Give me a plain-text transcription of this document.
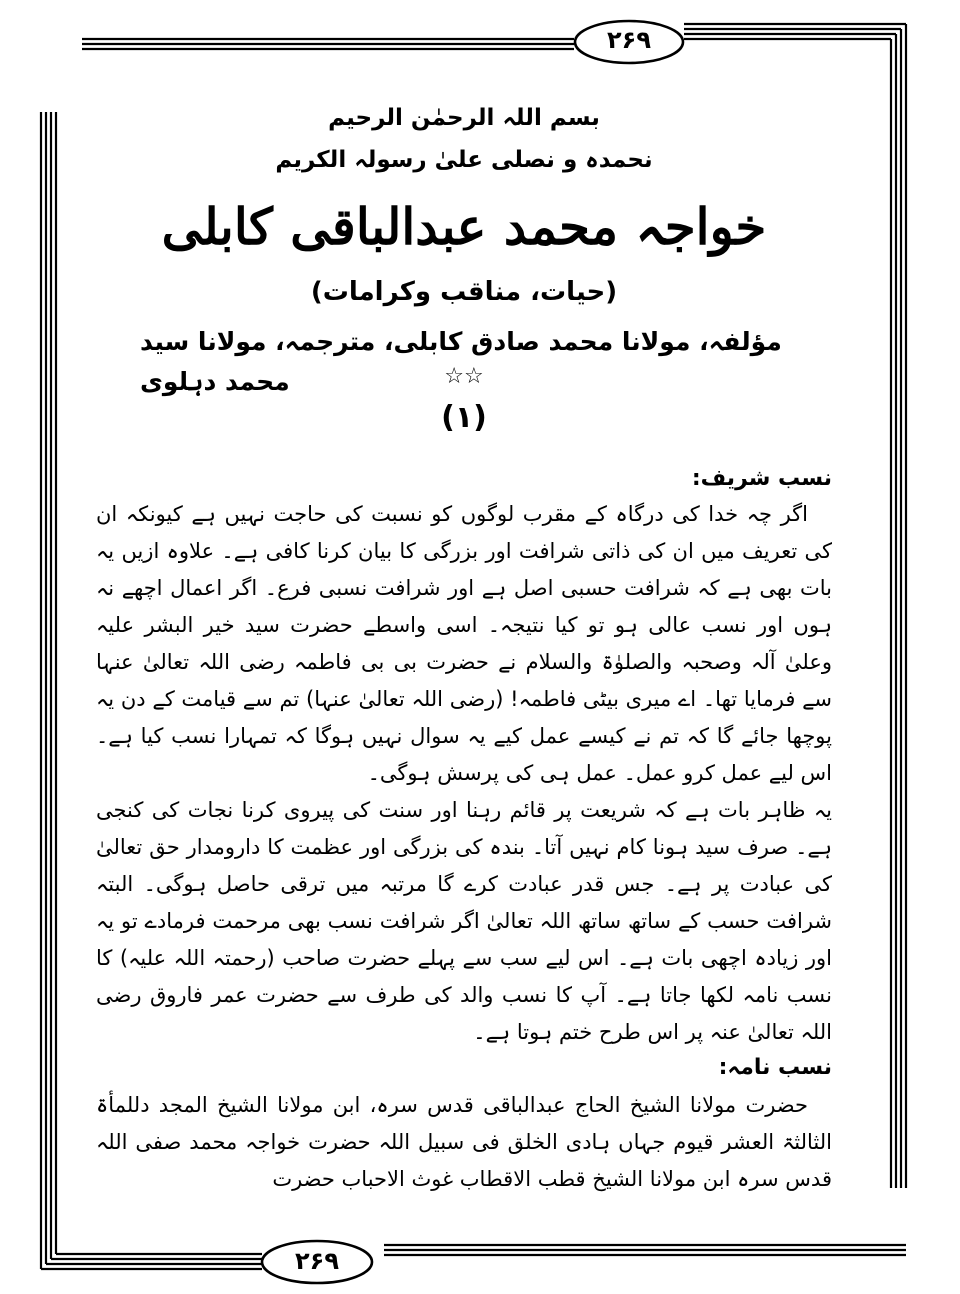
۲۶۹
۲۶۹

بسم اللہ الرحمٰن الرحیم

نحمدہ و نصلی علیٰ رسولہ الکریم

خواجہ محمد عبدالباقی کابلی

(حیات، مناقب وکرامات)

مؤلفہ، مولانا محمد صادق کابلی، مترجمہ، مولانا سید محمد دہلوی	☆☆

(۱)

نسب شریف:

اگر چہ خدا کی درگاہ کے مقرب لوگوں کو نسبت کی حاجت نہیں ہے کیونکہ ان کی تعریف میں ان کی ذاتی شرافت اور بزرگی کا بیان کرنا کافی ہے۔ علاوہ ازیں یہ بات بھی ہے کہ شرافت حسبی اصل ہے اور شرافت نسبی فرع۔ اگر اعمال اچھے نہ ہوں اور نسب عالی ہو تو کیا نتیجہ۔ اسی واسطے حضرت سید خیر البشر علیہ وعلیٰ آلہ وصحبہ والصلوٰۃ والسلام نے حضرت بی بی فاطمہ رضی اللہ تعالیٰ عنہا سے فرمایا تھا۔ اے میری بیٹی فاطمہ! (رضی اللہ تعالیٰ عنہا) تم سے قیامت کے دن یہ پوچھا جائے گا کہ تم نے کیسے عمل کیے یہ سوال نہیں ہوگا کہ تمہارا نسب کیا ہے۔ اس لیے عمل کرو عمل۔ عمل ہی کی پرسش ہوگی۔

یہ ظاہر بات ہے کہ شریعت پر قائم رہنا اور سنت کی پیروی کرنا نجات کی کنجی ہے۔ صرف سید ہونا کام نہیں آتا۔ بندہ کی بزرگی اور عظمت کا دارومدار حق تعالیٰ کی عبادت پر ہے۔ جس قدر عبادت کرے گا مرتبہ میں ترقی حاصل ہوگی۔ البتہ شرافت حسب کے ساتھ ساتھ اللہ تعالیٰ اگر شرافت نسب بھی مرحمت فرمادے تو یہ اور زیادہ اچھی بات ہے۔ اس لیے سب سے پہلے حضرت صاحب (رحمتہ اللہ علیہ) کا نسب نامہ لکھا جاتا ہے۔ آپ کا نسب والد کی طرف سے حضرت عمر فاروق رضی اللہ تعالیٰ عنہ پر اس طرح ختم ہوتا ہے۔

نسب نامہ:

حضرت مولانا الشیخ الحاج عبدالباقی قدس سرہ، ابن مولانا الشیخ المجد دللمأۃ الثالثۃ العشر قیوم جہاں ہادی الخلق فی سبیل اللہ حضرت خواجہ محمد صفی اللہ قدس سرہ ابن مولانا الشیخ قطب الاقطاب غوث الاحباب حضرت
